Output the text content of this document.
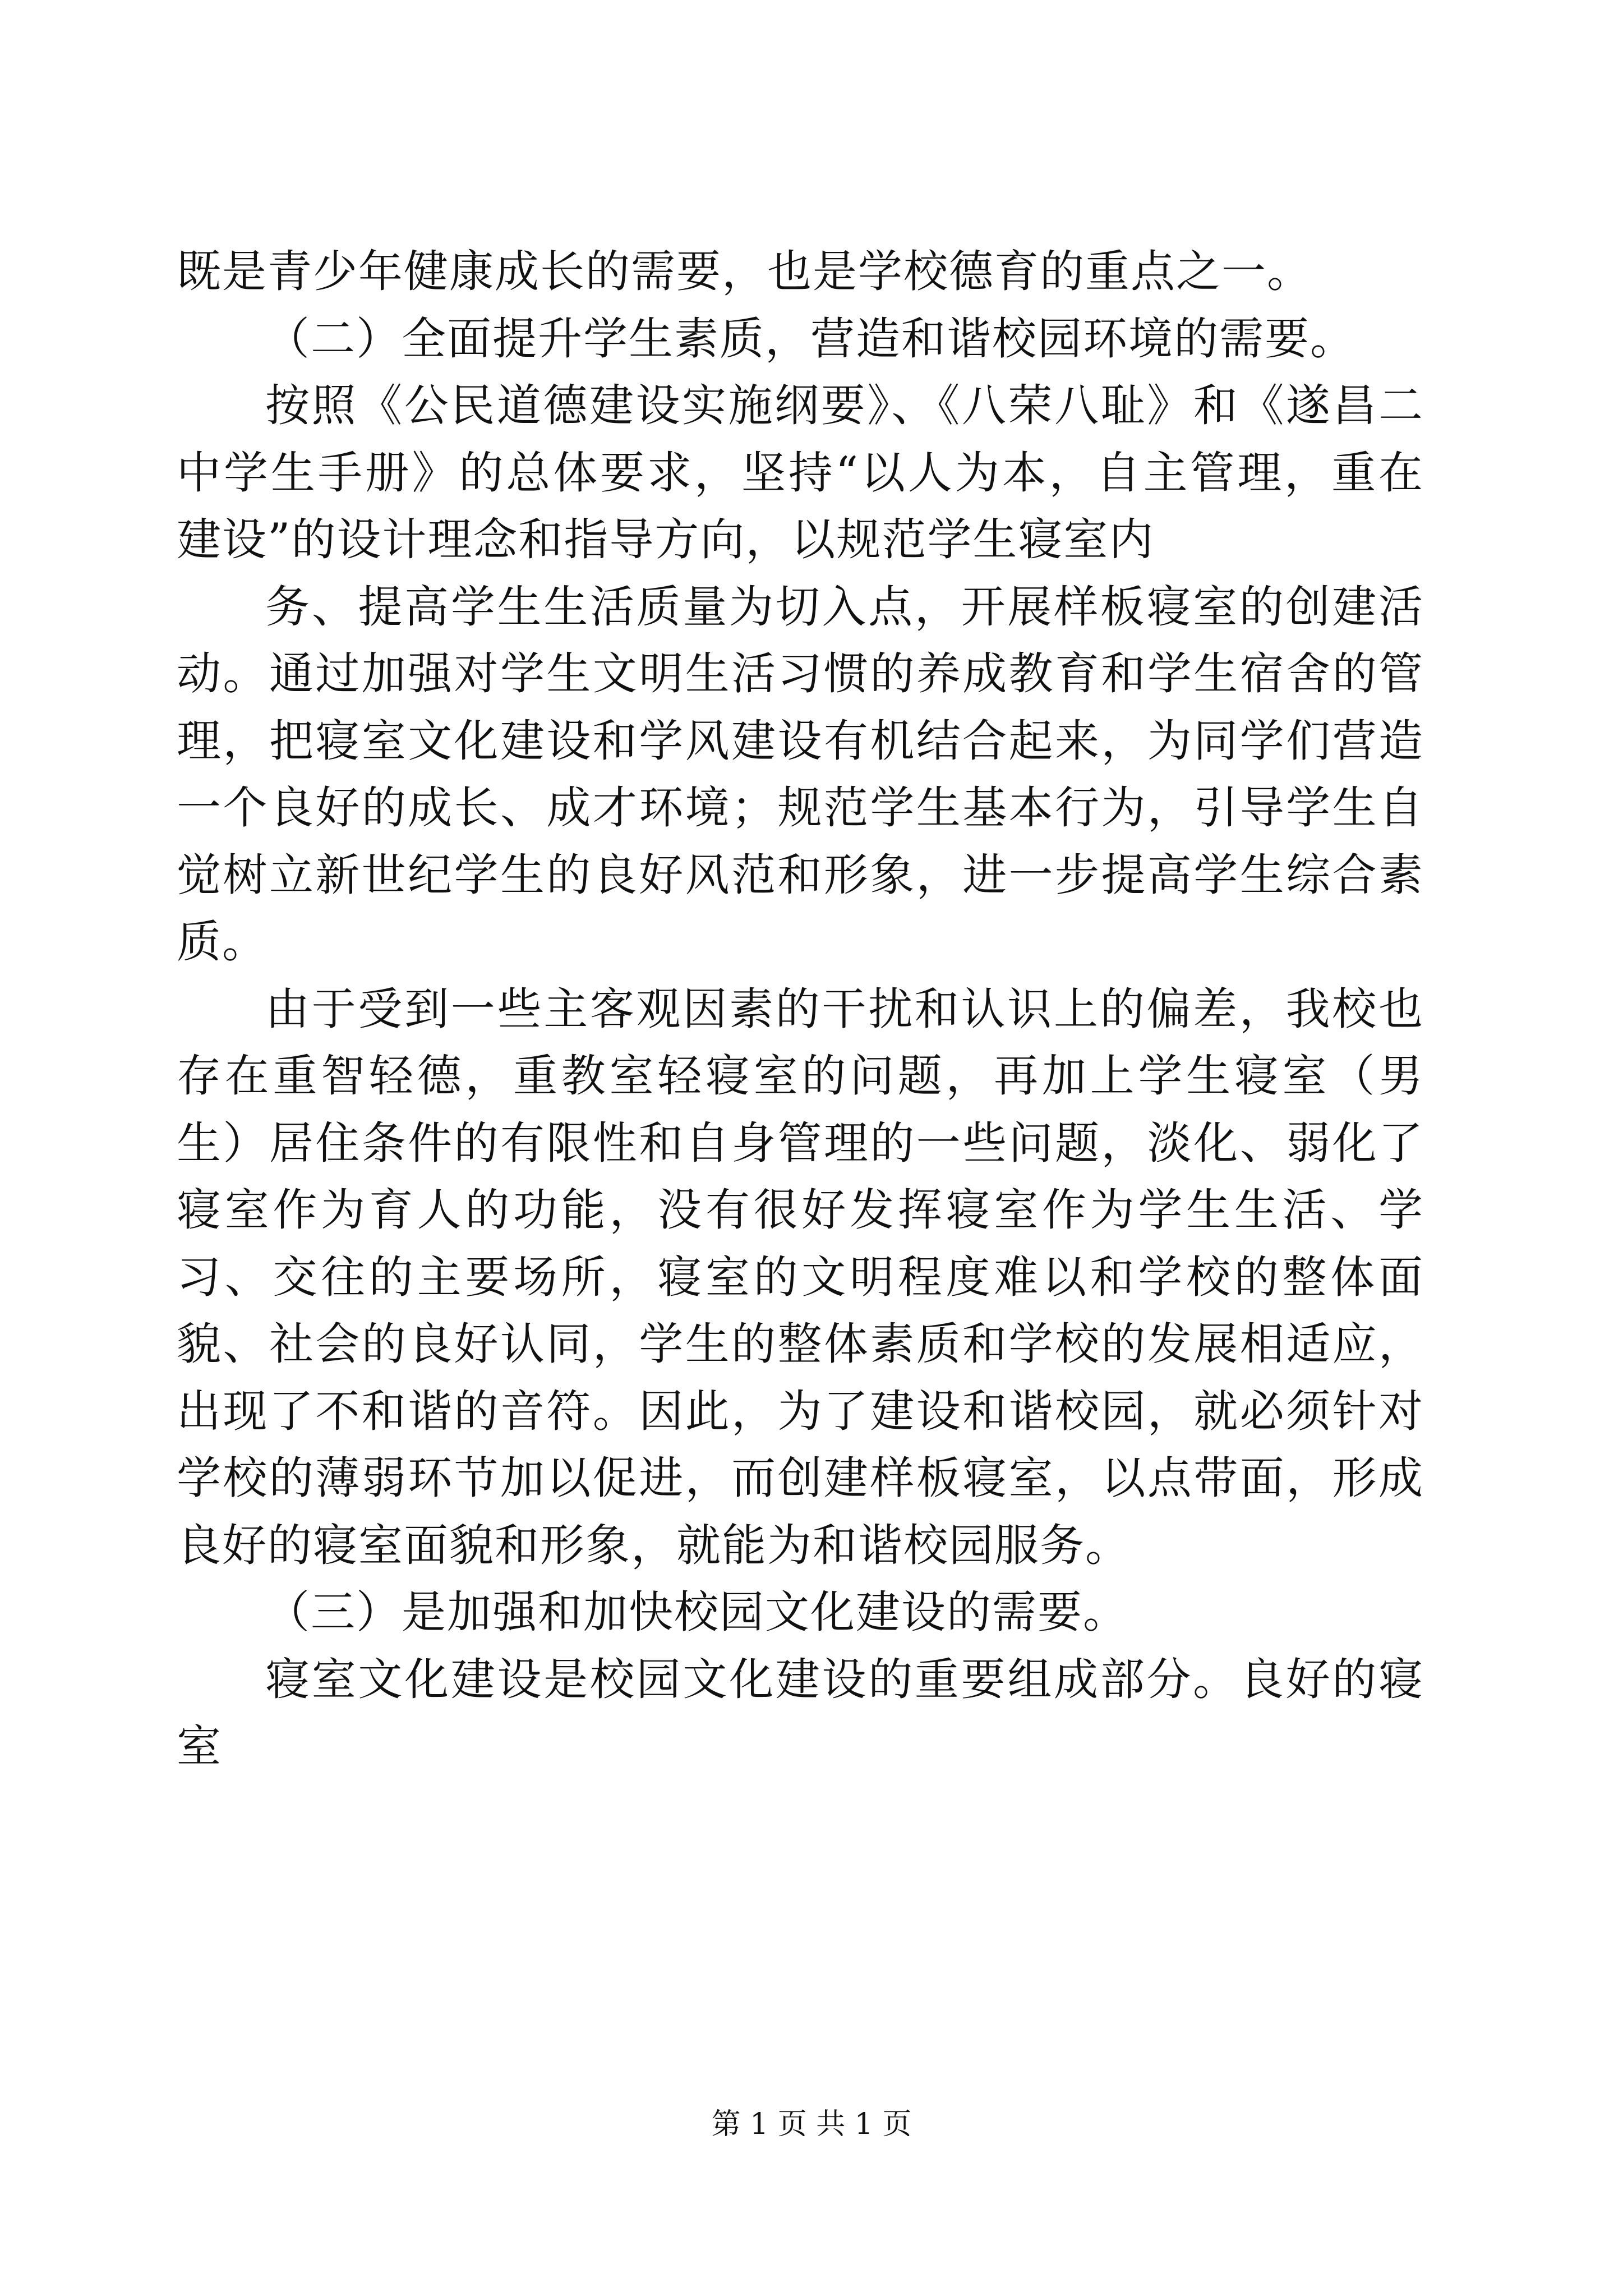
既是青少年健康成长的需要，也是学校德育的重点之一。

（二）全面提升学生素质，营造和谐校园环境的需要。

按照《公民道德建设实施纲要》、《八荣八耻》和《遂昌二中学生手册》的总体要求，坚持“以人为本，自主管理，重在建设”的设计理念和指导方向，以规范学生寝室内

务、提高学生生活质量为切入点，开展样板寝室的创建活动。通过加强对学生文明生活习惯的养成教育和学生宿舍的管理，把寝室文化建设和学风建设有机结合起来，为同学们营造一个良好的成长、成才环境；规范学生基本行为，引导学生自觉树立新世纪学生的良好风范和形象，进一步提高学生综合素质。

由于受到一些主客观因素的干扰和认识上的偏差，我校也存在重智轻德，重教室轻寝室的问题，再加上学生寝室（男生）居住条件的有限性和自身管理的一些问题，淡化、弱化了寝室作为育人的功能，没有很好发挥寝室作为学生生活、学习、交往的主要场所，寝室的文明程度难以和学校的整体面貌、社会的良好认同，学生的整体素质和学校的发展相适应，出现了不和谐的音符。因此，为了建设和谐校园，就必须针对学校的薄弱环节加以促进，而创建样板寝室，以点带面，形成良好的寝室面貌和形象，就能为和谐校园服务。

（三）是加强和加快校园文化建设的需要。

寝室文化建设是校园文化建设的重要组成部分。良好的寝室

第 1 页 共 1 页
